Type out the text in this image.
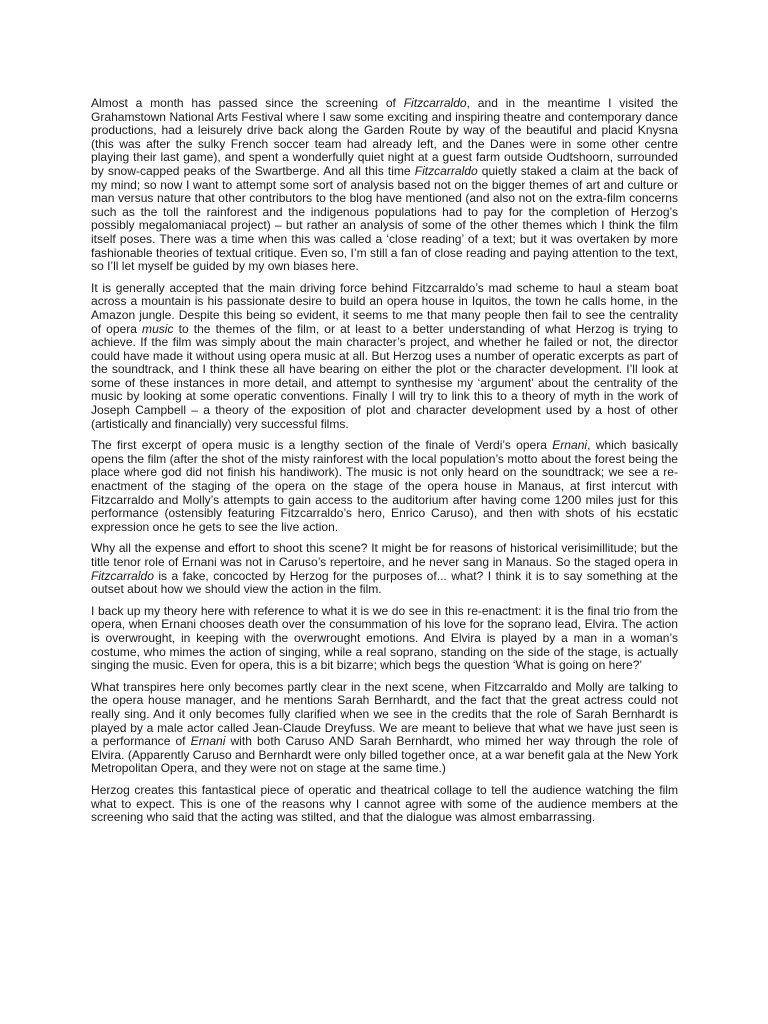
Almost a month has passed since the screening of Fitzcarraldo, and in the meantime I visited the Grahamstown National Arts Festival where I saw some exciting and inspiring theatre and contemporary dance productions, had a leisurely drive back along the Garden Route by way of the beautiful and placid Knysna (this was after the sulky French soccer team had already left, and the Danes were in some other centre playing their last game), and spent a wonderfully quiet night at a guest farm outside Oudtshoorn, surrounded by snow-capped peaks of the Swartberge. And all this time Fitzcarraldo quietly staked a claim at the back of my mind; so now I want to attempt some sort of analysis based not on the bigger themes of art and culture or man versus nature that other contributors to the blog have mentioned (and also not on the extra-film concerns such as the toll the rainforest and the indigenous populations had to pay for the completion of Herzog’s possibly megalomaniacal project) – but rather an analysis of some of the other themes which I think the film itself poses. There was a time when this was called a ‘close reading’ of a text; but it was overtaken by more fashionable theories of textual critique. Even so, I’m still a fan of close reading and paying attention to the text, so I’ll let myself be guided by my own biases here.

It is generally accepted that the main driving force behind Fitzcarraldo’s mad scheme to haul a steam boat across a mountain is his passionate desire to build an opera house in Iquitos, the town he calls home, in the Amazon jungle. Despite this being so evident, it seems to me that many people then fail to see the centrality of opera music to the themes of the film, or at least to a better understanding of what Herzog is trying to achieve. If the film was simply about the main character’s project, and whether he failed or not, the director could have made it without using opera music at all. But Herzog uses a number of operatic excerpts as part of the soundtrack, and I think these all have bearing on either the plot or the character development. I’ll look at some of these instances in more detail, and attempt to synthesise my ‘argument’ about the centrality of the music by looking at some operatic conventions. Finally I will try to link this to a theory of myth in the work of Joseph Campbell – a theory of the exposition of plot and character development used by a host of other (artistically and financially) very successful films.

The first excerpt of opera music is a lengthy section of the finale of Verdi’s opera Ernani, which basically opens the film (after the shot of the misty rainforest with the local population’s motto about the forest being the place where god did not finish his handiwork). The music is not only heard on the soundtrack; we see a re-enactment of the staging of the opera on the stage of the opera house in Manaus, at first intercut with Fitzcarraldo and Molly’s attempts to gain access to the auditorium after having come 1200 miles just for this performance (ostensibly featuring Fitzcarraldo’s hero, Enrico Caruso), and then with shots of his ecstatic expression once he gets to see the live action.

Why all the expense and effort to shoot this scene? It might be for reasons of historical verisimillitude; but the title tenor role of Ernani was not in Caruso’s repertoire, and he never sang in Manaus. So the staged opera in Fitzcarraldo is a fake, concocted by Herzog for the purposes of... what? I think it is to say something at the outset about how we should view the action in the film.

I back up my theory here with reference to what it is we do see in this re-enactment: it is the final trio from the opera, when Ernani chooses death over the consummation of his love for the soprano lead, Elvira. The action is overwrought, in keeping with the overwrought emotions. And Elvira is played by a man in a woman’s costume, who mimes the action of singing, while a real soprano, standing on the side of the stage, is actually singing the music. Even for opera, this is a bit bizarre; which begs the question ‘What is going on here?’

What transpires here only becomes partly clear in the next scene, when Fitzcarraldo and Molly are talking to the opera house manager, and he mentions Sarah Bernhardt, and the fact that the great actress could not really sing. And it only becomes fully clarified when we see in the credits that the role of Sarah Bernhardt is played by a male actor called Jean-Claude Dreyfuss. We are meant to believe that what we have just seen is a performance of Ernani with both Caruso AND Sarah Bernhardt, who mimed her way through the role of Elvira. (Apparently Caruso and Bernhardt were only billed together once, at a war benefit gala at the New York Metropolitan Opera, and they were not on stage at the same time.)

Herzog creates this fantastical piece of operatic and theatrical collage to tell the audience watching the film what to expect. This is one of the reasons why I cannot agree with some of the audience members at the screening who said that the acting was stilted, and that the dialogue was almost embarrassing.
